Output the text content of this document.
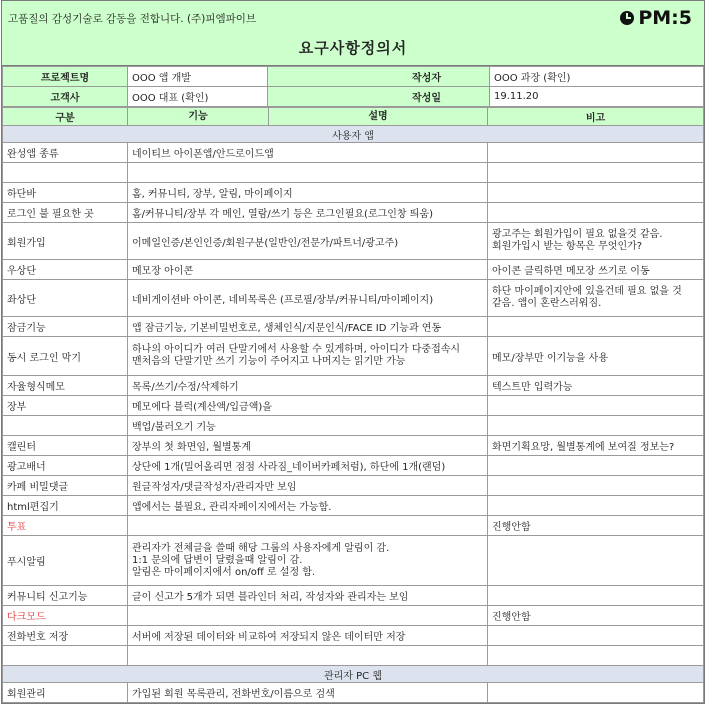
고품질의 감성기술로 감동을 전합니다. (주)피엠파이브	PM:5
요구사항정의서
프로젝트명	OOO 앱 개발	작성자	OOO 과장 (확인)
고객사	OOO 대표 (확인)	작성일	19.11.20
구분	기능 설명	비고
사용자 앱		
완성앱 종류	네이티브 아이폰앱/안드로이드앱	

하단바	홈, 커뮤니티, 장부, 알림, 마이페이지	
로그인 불 필요한 곳	홈/커뮤니티/장부 각 메인, 열람/쓰기 등은 로그인필요(로그인창 띄움)	
회원가입	이메일인증/본인인증/회원구분(일반인/전문가/파트너/광고주)	광고주는 회원가입이 필요 없을것 같음.
회원가입시 받는 항목은 무엇인가?
우상단	메모장 아이콘	아이콘 클릭하면 메모장 쓰기로 이동
좌상단	네비게이션바 아이콘, 네비목록은 (프로필/장부/커뮤니티/마이페이지)	하단 마이페이지안에 있을건데 필요 없을 것
같음. 앱이 혼란스러워짐.
잠금기능	앱 잠금기능, 기본비밀번호로, 생체인식/지문인식/FACE ID 기능과 연동	
동시 로그인 막기	하나의 아이디가 여러 단말기에서 사용할 수 있게하며, 아이디가 다중접속시
맨처음의 단말기만 쓰기 기능이 주어지고 나머지는 읽기만 가능	메모/장부만 이기능을 사용
자율형식메모	목록/쓰기/수정/삭제하기	텍스트만 입력가능
장부	메모에다 블럭(계산액/입금액)을	
	백업/불러오기 기능	
캘린터	장부의 첫 화면임, 월별통계	화면기획요망, 월별통계에 보여질 정보는?
광고배너	상단에 1개(밀어올리면 점점 사라짐_네이버카페처럼), 하단에 1개(랜덤)	
카페 비밀댓글	원글작성자/댓글작성자/관리자만 보임	
html편집기	앱에서는 불필요, 관리자페이지에서는 가능함.	
투표		진행안함
푸시알림	관리자가 전체글을 쓸때 해당 그룹의 사용자에게 알림이 감.
1:1 문의에 답변이 달렸을때 알림이 감.
알림은 마이페이지에서 on/off 로 설정 함.	
커뮤니티 신고기능	글이 신고가 5개가 되면 블라인더 처리, 작성자와 관리자는 보임	
다크모드		진행안함
전화번호 저장	서버에 저장된 데이터와 비교하여 저장되지 않은 데이터만 저장	

관리자 PC 웹		
회원관리	가입된 회원 목록관리, 전화번호/이름으로 검색	
